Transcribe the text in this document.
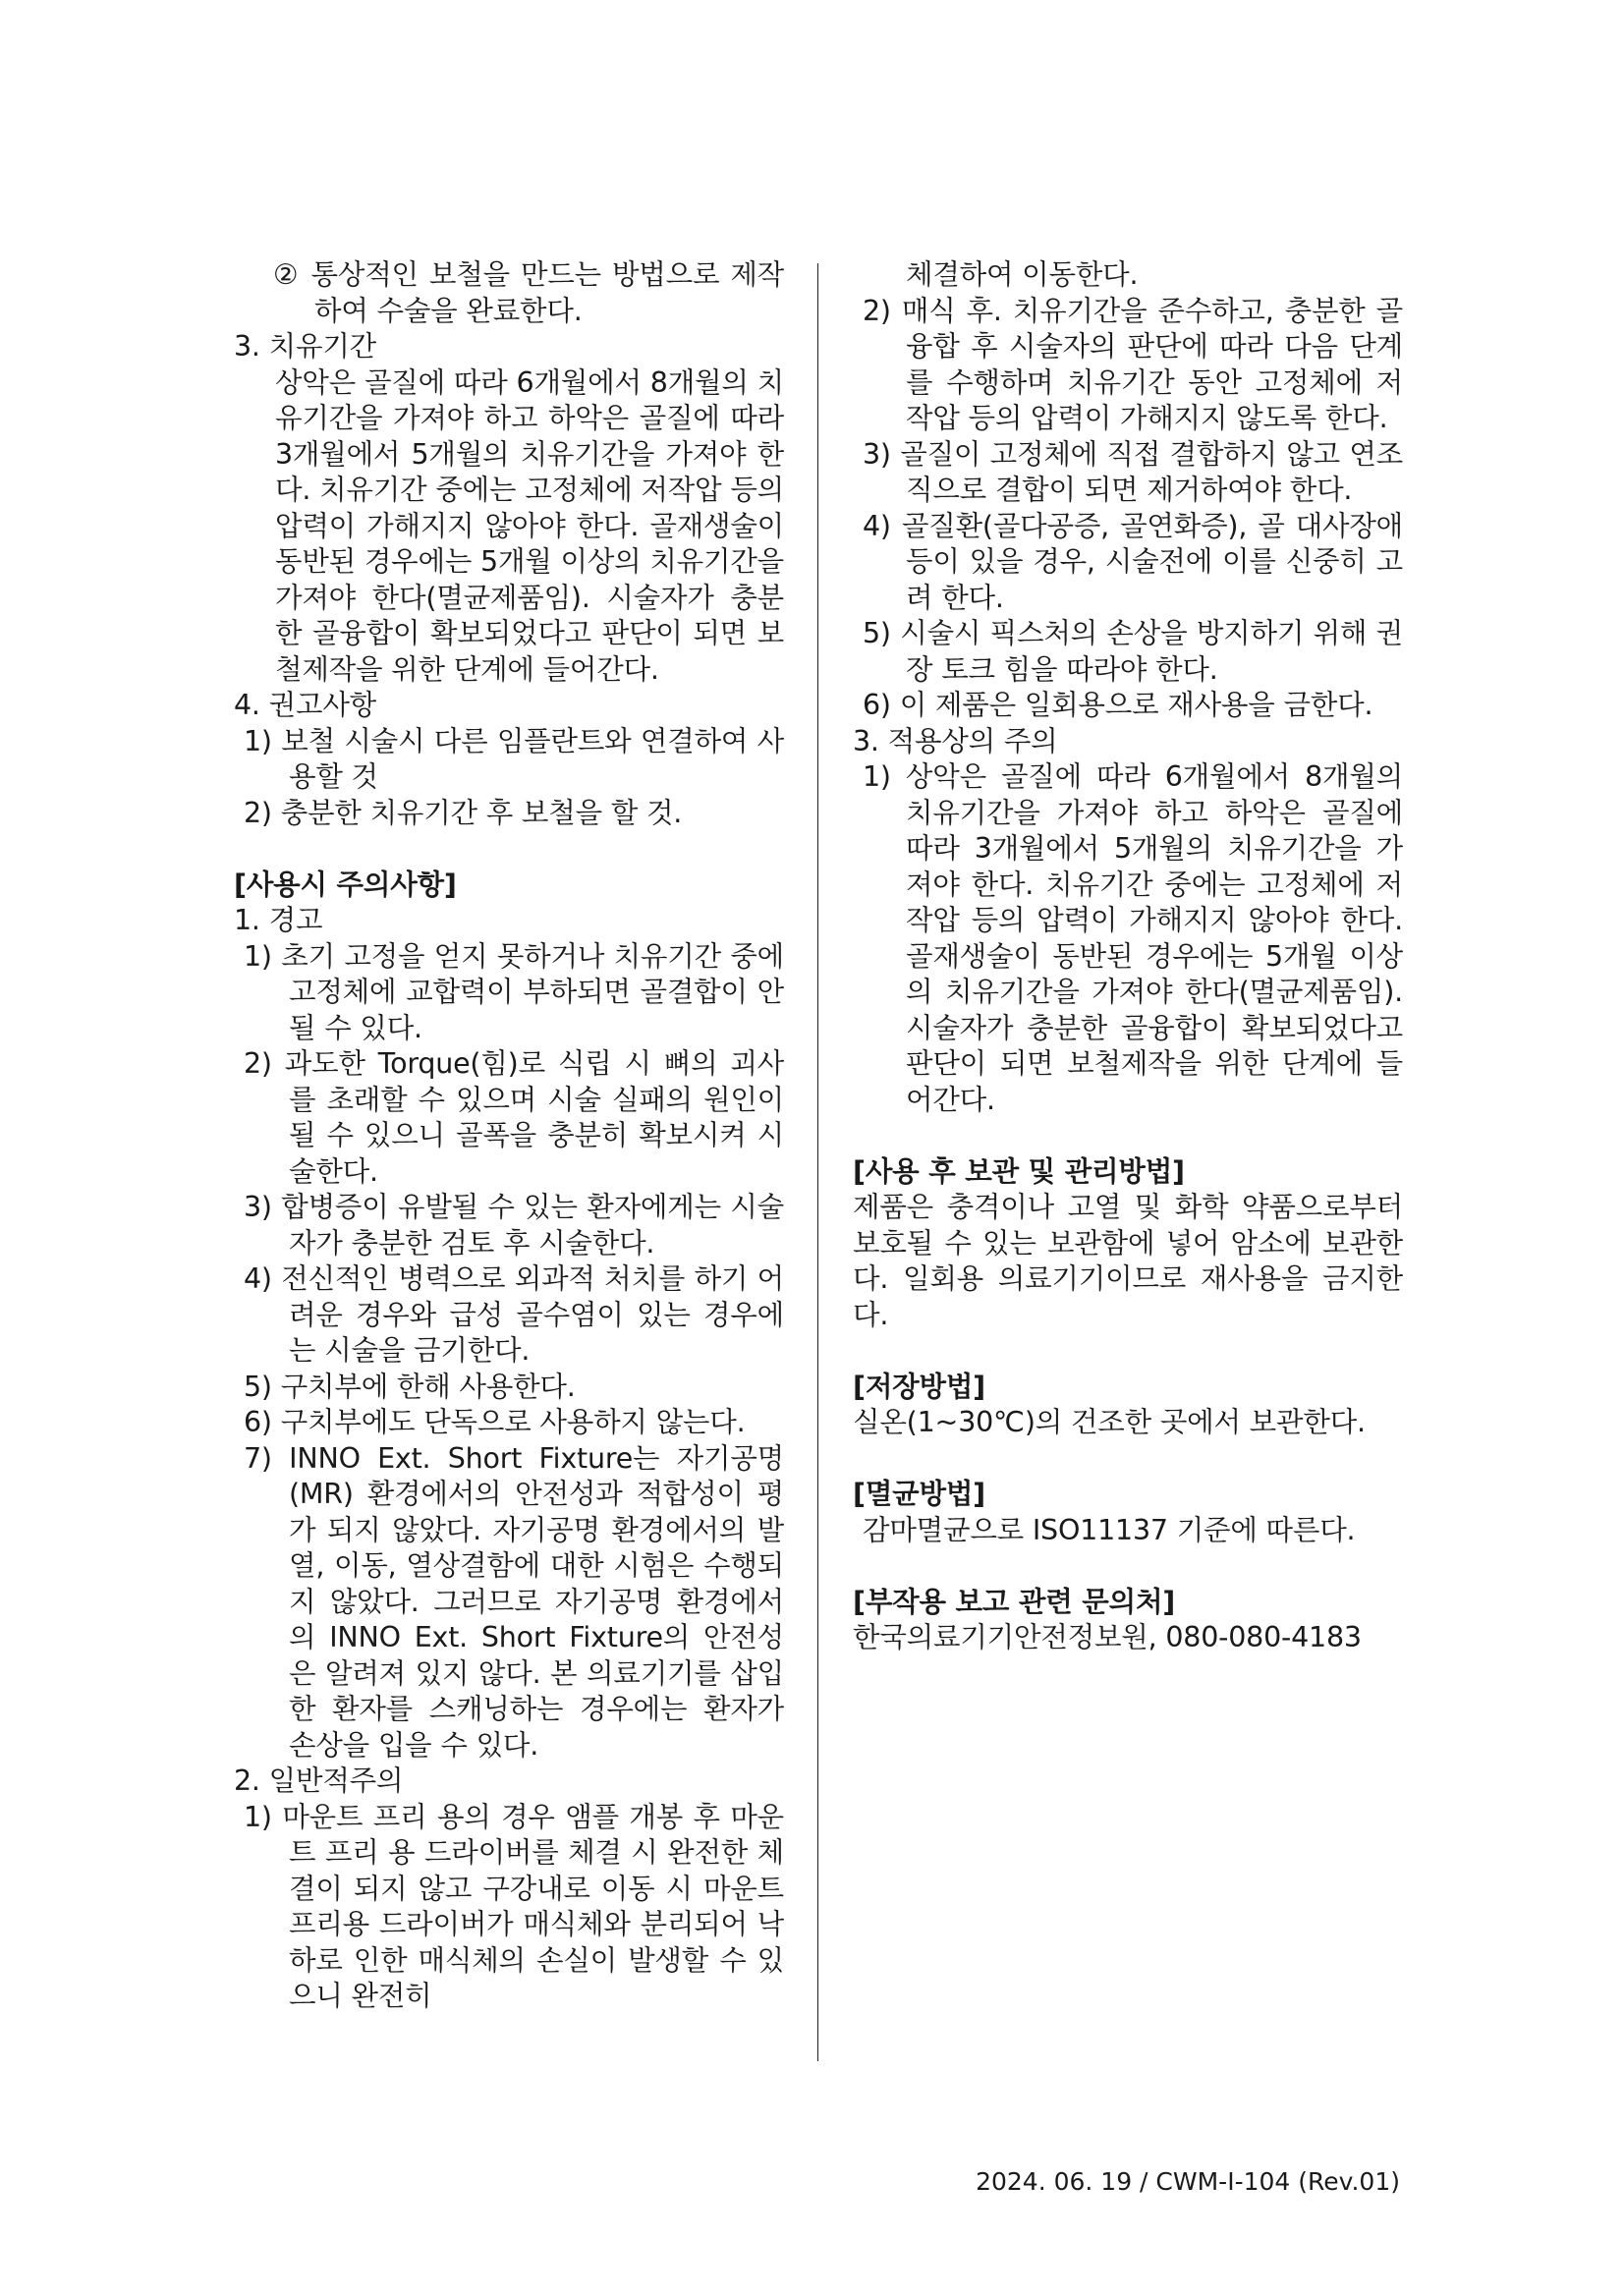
② 통상적인 보철을 만드는 방법으로 제작하여 수술을 완료한다.

3. 치유기간

상악은 골질에 따라 6개월에서 8개월의 치유기간을 가져야 하고 하악은 골질에 따라 3개월에서 5개월의 치유기간을 가져야 한다. 치유기간 중에는 고정체에 저작압 등의 압력이 가해지지 않아야 한다. 골재생술이 동반된 경우에는 5개월 이상의 치유기간을 가져야 한다(멸균제품임). 시술자가 충분한 골융합이 확보되었다고 판단이 되면 보철제작을 위한 단계에 들어간다.

4. 권고사항

1) 보철 시술시 다른 임플란트와 연결하여 사용할 것

2) 충분한 치유기간 후 보철을 할 것.

[사용시 주의사항]

1. 경고

1) 초기 고정을 얻지 못하거나 치유기간 중에 고정체에 교합력이 부하되면 골결합이 안 될 수 있다.

2) 과도한 Torque(힘)로 식립 시 뼈의 괴사를 초래할 수 있으며 시술 실패의 원인이 될 수 있으니 골폭을 충분히 확보시켜 시술한다.

3) 합병증이 유발될 수 있는 환자에게는 시술자가 충분한 검토 후 시술한다.

4) 전신적인 병력으로 외과적 처치를 하기 어려운 경우와 급성 골수염이 있는 경우에는 시술을 금기한다.

5) 구치부에 한해 사용한다.

6) 구치부에도 단독으로 사용하지 않는다.

7) INNO Ext. Short Fixture는 자기공명(MR) 환경에서의 안전성과 적합성이 평가 되지 않았다. 자기공명 환경에서의 발열, 이동, 열상결함에 대한 시험은 수행되지 않았다. 그러므로 자기공명 환경에서의 INNO Ext. Short Fixture의 안전성은 알려져 있지 않다. 본 의료기기를 삽입한 환자를 스캐닝하는 경우에는 환자가 손상을 입을 수 있다.

2. 일반적주의

1) 마운트 프리 용의 경우 앰플 개봉 후 마운트 프리 용 드라이버를 체결 시 완전한 체결이 되지 않고 구강내로 이동 시 마운트 프리용 드라이버가 매식체와 분리되어 낙하로 인한 매식체의 손실이 발생할 수 있으니 완전히

체결하여 이동한다.

2) 매식 후. 치유기간을 준수하고, 충분한 골융합 후 시술자의 판단에 따라 다음 단계를 수행하며 치유기간 동안 고정체에 저작압 등의 압력이 가해지지 않도록 한다.

3) 골질이 고정체에 직접 결합하지 않고 연조직으로 결합이 되면 제거하여야 한다.

4) 골질환(골다공증, 골연화증), 골 대사장애 등이 있을 경우, 시술전에 이를 신중히 고려 한다.

5) 시술시 픽스처의 손상을 방지하기 위해 권장 토크 힘을 따라야 한다.

6) 이 제품은 일회용으로 재사용을 금한다.

3. 적용상의 주의

1) 상악은 골질에 따라 6개월에서 8개월의 치유기간을 가져야 하고 하악은 골질에 따라 3개월에서 5개월의 치유기간을 가져야 한다. 치유기간 중에는 고정체에 저작압 등의 압력이 가해지지 않아야 한다. 골재생술이 동반된 경우에는 5개월 이상의 치유기간을 가져야 한다(멸균제품임). 시술자가 충분한 골융합이 확보되었다고 판단이 되면 보철제작을 위한 단계에 들어간다.

[사용 후 보관 및 관리방법]

제품은 충격이나 고열 및 화학 약품으로부터 보호될 수 있는 보관함에 넣어 암소에 보관한다. 일회용 의료기기이므로 재사용을 금지한다.

[저장방법]

실온(1~30℃)의 건조한 곳에서 보관한다.

[멸균방법]

감마멸균으로 ISO11137 기준에 따른다.

[부작용 보고 관련 문의처]

한국의료기기안전정보원, 080-080-4183

2024. 06. 19 / CWM-I-104 (Rev.01)
